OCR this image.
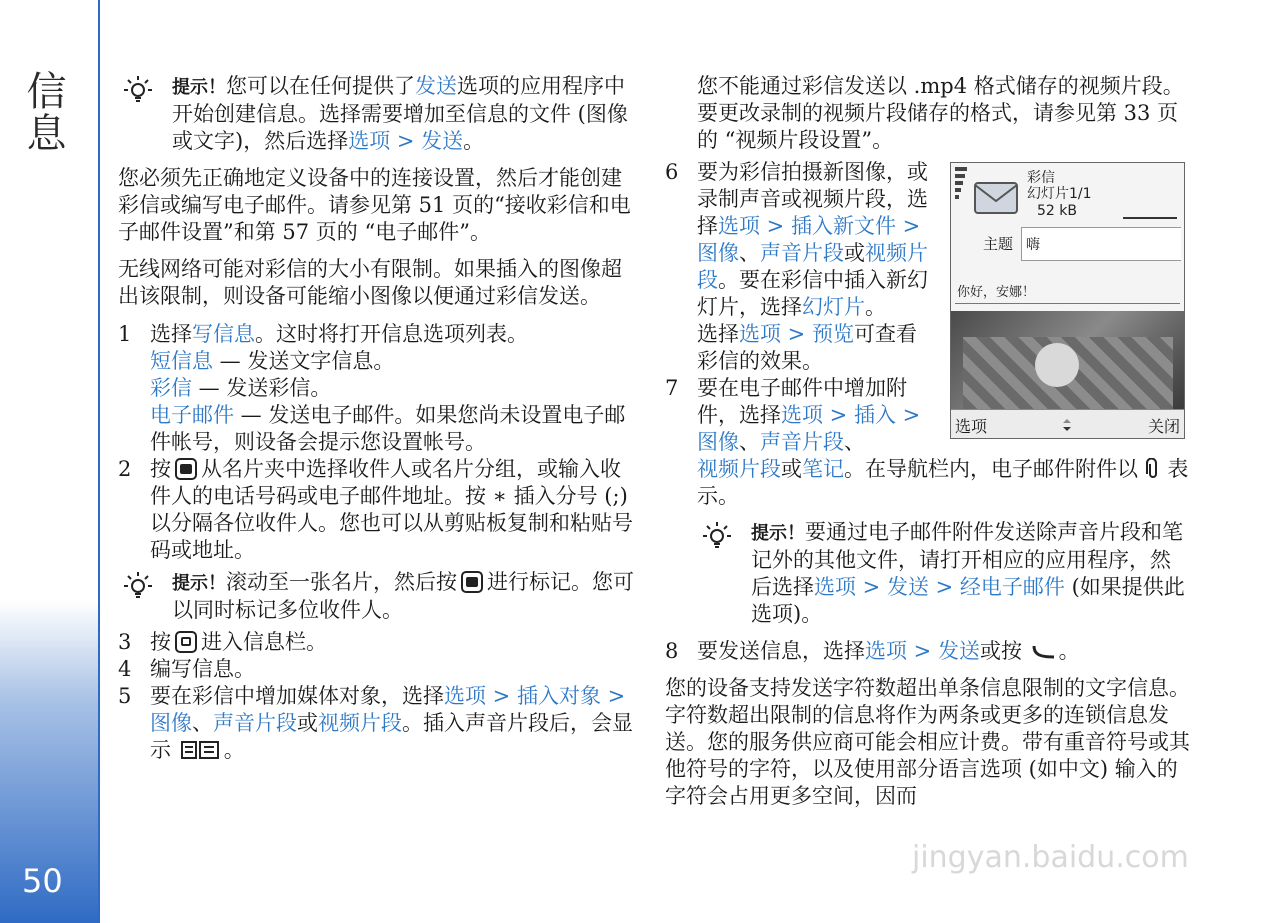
信息
50

提示！您可以在任何提供了发送选项的应用程序中开始创建信息。选择需要增加至信息的文件 (图像或文字)，然后选择选项 > 发送。

您必须先正确地定义设备中的连接设置，然后才能创建彩信或编写电子邮件。请参见第 51 页的“接收彩信和电子邮件设置”和第 57 页的 “电子邮件”。

无线网络可能对彩信的大小有限制。如果插入的图像超出该限制，则设备可能缩小图像以便通过彩信发送。

1 选择写信息。这时将打开信息选项列表。
短信息 — 发送文字信息。
彩信 — 发送彩信。
电子邮件 — 发送电子邮件。如果您尚未设置电子邮件帐号，则设备会提示您设置帐号。
2 按 从名片夹中选择收件人或名片分组，或输入收件人的电话号码或电子邮件地址。按 ∗ 插入分号 (;) 以分隔各位收件人。您也可以从剪贴板复制和粘贴号码或地址。

提示！滚动至一张名片，然后按 进行标记。您可以同时标记多位收件人。

3 按 进入信息栏。
4 编写信息。
5 要在彩信中增加媒体对象，选择选项 > 插入对象 > 图像、声音片段或视频片段。插入声音片段后，会显示	。

您不能通过彩信发送以 .mp4 格式储存的视频片段。要更改录制的视频片段储存的格式，请参见第 33 页的 “视频片段设置”。

6 要为彩信拍摄新图像，或录制声音或视频片段，选择选项 > 插入新文件 > 图像、声音片段或视频片段。要在彩信中插入新幻灯片，选择幻灯片。
选择选项 > 预览可查看彩信的效果。
7 要在电子邮件中增加附件，选择选项 > 插入 > 图像、声音片段、
视频片段或笔记。在导航栏内，电子邮件附件以 表示。

提示！要通过电子邮件附件发送除声音片段和笔记外的其他文件，请打开相应的应用程序，然后选择选项 > 发送 > 经电子邮件 (如果提供此选项)。

8 要发送信息，选择选项 > 发送或按 。

您的设备支持发送字符数超出单条信息限制的文字信息。字符数超出限制的信息将作为两条或更多的连锁信息发送。您的服务供应商可能会相应计费。带有重音符号或其他符号的字符，以及使用部分语言选项 (如中文) 输入的字符会占用更多空间，因而

彩信
幻灯片1/1
52 kB
主题 嗨
你好，安娜！
选项	关闭
jingyan.baidu.com
